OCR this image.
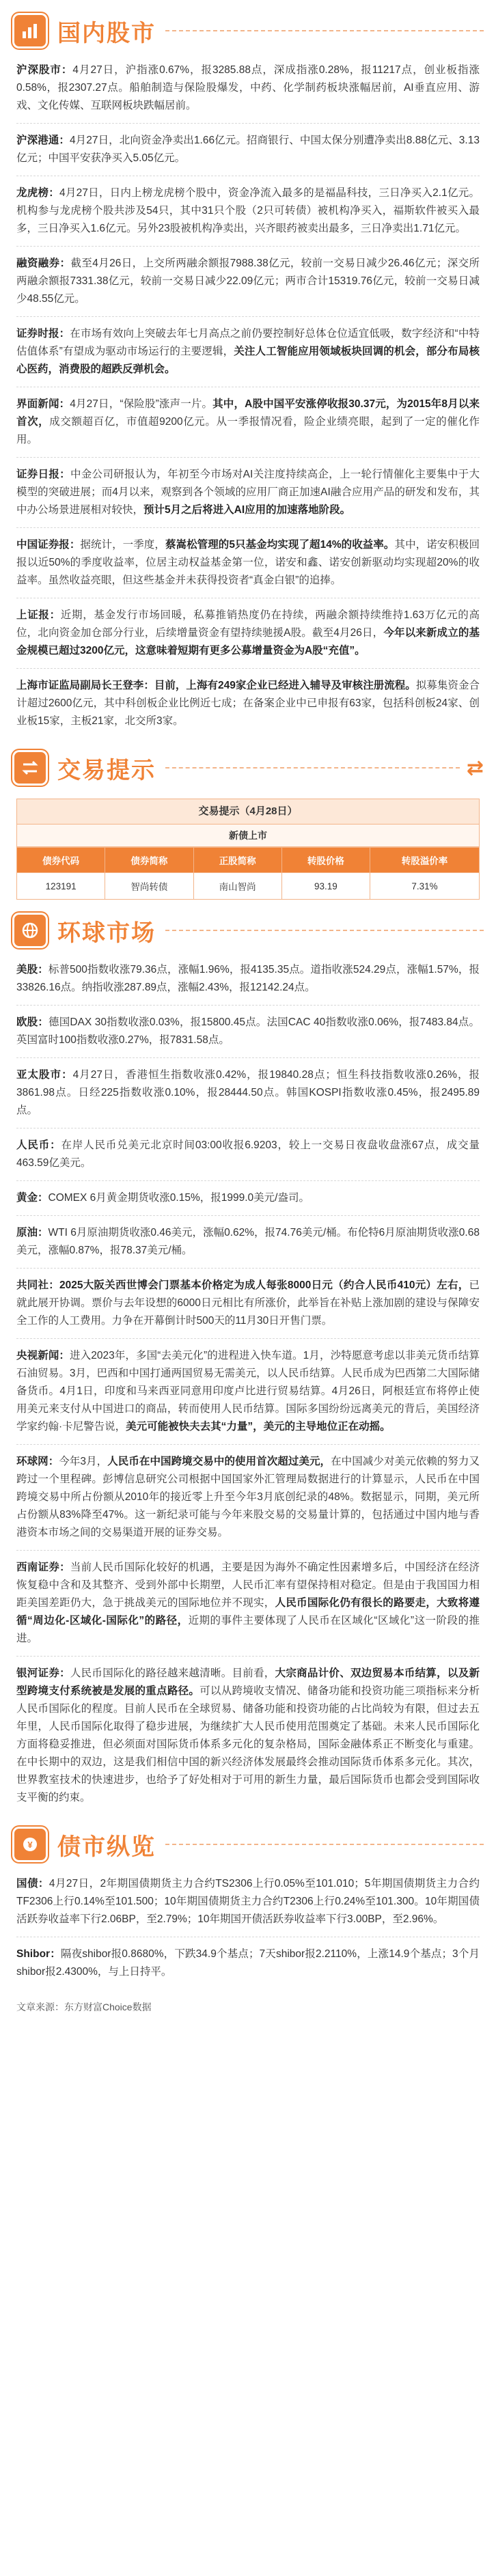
国内股市

沪深股市：4月27日，沪指涨0.67%，报3285.88点，深成指涨0.28%，报11217点，创业板指涨0.58%，报2307.27点。船舶制造与保险股爆发，中药、化学制药板块涨幅居前，AI垂直应用、游戏、文化传媒、互联网板块跌幅居前。

沪深港通：4月27日，北向资金净卖出1.66亿元。招商银行、中国太保分别遭净卖出8.88亿元、3.13亿元；中国平安获净买入5.05亿元。

龙虎榜：4月27日，日内上榜龙虎榜个股中，资金净流入最多的是福晶科技，三日净买入2.1亿元。机构参与龙虎榜个股共涉及54只，其中31只个股（2只可转债）被机构净买入，福斯软件被买入最多，三日净买入1.6亿元。另外23股被机构净卖出，兴齐眼药被卖出最多，三日净卖出1.71亿元。

融资融券：截至4月26日，上交所两融余额报7988.38亿元，较前一交易日减少26.46亿元；深交所两融余额报7331.38亿元，较前一交易日减少22.09亿元；两市合计15319.76亿元，较前一交易日减少48.55亿元。

证券时报：在市场有效向上突破去年七月高点之前仍要控制好总体仓位适宜低吸，数字经济和“中特估值体系”有望成为驱动市场运行的主要逻辑，关注人工智能应用领域板块回调的机会，部分布局核心医药，消费股的超跌反弹机会。

界面新闻：4月27日，“保险股”涨声一片。其中，A股中国平安涨停收报30.37元，为2015年8月以来首次，成交额超百亿，市值超9200亿元。从一季报情况看，险企业绩亮眼，起到了一定的催化作用。

证券日报：中金公司研报认为，年初至今市场对AI关注度持续高企，上一轮行情催化主要集中于大模型的突破进展；而4月以来，观察到各个领域的应用厂商正加速AI融合应用产品的研发和发布，其中办公场景进展相对较快，预计5月之后将进入AI应用的加速落地阶段。

中国证券报：据统计，一季度，蔡嵩松管理的5只基金均实现了超14%的收益率。其中，诺安积极回报以近50%的季度收益率，位居主动权益基金第一位，诺安和鑫、诺安创新驱动均实现超20%的收益率。虽然收益亮眼，但这些基金并未获得投资者“真金白银”的追捧。

上证报：近期，基金发行市场回暖，私募推销热度仍在持续，两融余额持续维持1.63万亿元的高位，北向资金加仓部分行业，后续增量资金有望持续驰援A股。截至4月26日，今年以来新成立的基金规模已超过3200亿元，这意味着短期有更多公募增量资金为A股“充值”。

上海市证监局副局长王登李：目前，上海有249家企业已经进入辅导及审核注册流程。拟募集资金合计超过2600亿元，其中科创板企业比例近七成；在备案企业中已申报有63家，包括科创板24家、创业板15家，主板21家，北交所3家。

交易提示	⇄
交易提示（4月28日）
新债上市
债券代码	债券简称	正股简称	转股价格	转股溢价率
123191	智尚转债	南山智尚	93.19	7.31%
环球市场

美股：标普500指数收涨79.36点，涨幅1.96%，报4135.35点。道指收涨524.29点，涨幅1.57%，报33826.16点。纳指收涨287.89点，涨幅2.43%，报12142.24点。

欧股：德国DAX 30指数收涨0.03%，报15800.45点。法国CAC 40指数收涨0.06%，报7483.84点。英国富时100指数收涨0.27%，报7831.58点。

亚太股市：4月27日，香港恒生指数收涨0.42%，报19840.28点；恒生科技指数收涨0.26%，报3861.98点。日经225指数收涨0.10%，报28444.50点。韩国KOSPI指数收涨0.45%，报2495.89点。

人民币：在岸人民币兑美元北京时间03:00收报6.9203，较上一交易日夜盘收盘涨67点，成交量463.59亿美元。

黄金：COMEX 6月黄金期货收涨0.15%，报1999.0美元/盎司。

原油：WTI 6月原油期货收涨0.46美元，涨幅0.62%，报74.76美元/桶。布伦特6月原油期货收涨0.68美元，涨幅0.87%，报78.37美元/桶。

共同社：2025大阪关西世博会门票基本价格定为成人每张8000日元（约合人民币410元）左右，已就此展开协调。票价与去年设想的6000日元相比有所涨价，此举旨在补贴上涨加剧的建设与保障安全工作的人工费用。力争在开幕倒计时500天的11月30日开售门票。

央视新闻：进入2023年，多国“去美元化”的进程进入快车道。1月，沙特愿意考虑以非美元货币结算石油贸易。3月，巴西和中国打通两国贸易无需美元，以人民币结算。人民币成为巴西第二大国际储备货币。4月1日，印度和马来西亚同意用印度卢比进行贸易结算。4月26日，阿根廷宣布将停止使用美元来支付从中国进口的商品，转而使用人民币结算。国际多国纷纷远离美元的背后，美国经济学家约翰·卡尼警告说，美元可能被快夫去其“力量”，美元的主导地位正在动摇。

环球网：今年3月，人民币在中国跨境交易中的使用首次超过美元，在中国减少对美元依赖的努力又跨过一个里程碑。彭博信息研究公司根据中国国家外汇管理局数据进行的计算显示，人民币在中国跨境交易中所占份额从2010年的接近零上升至今年3月底创纪录的48%。数据显示，同期，美元所占份额从83%降至47%。这一新纪录可能与今年来股交易的交易量计算的，包括通过中国内地与香港资本市场之间的交易渠道开展的证券交易。

西南证券：当前人民币国际化较好的机遇，主要是因为海外不确定性因素增多后，中国经济在经济恢复稳中含和及其整齐、受到外部中长期塑，人民币汇率有望保持相对稳定。但是由于我国国力相距美国差距仍大，急于挑战美元的国际地位并不现实，人民币国际化仍有很长的路要走，大致将遵循“周边化-区域化-国际化”的路径，近期的事件主要体现了人民币在区域化“区域化”这一阶段的推进。

银河证券：人民币国际化的路径越来越清晰。目前看，大宗商品计价、双边贸易本币结算，以及新型跨境支付系统被是发展的重点路径。可以从跨境收支情况、储备功能和投资功能三项指标来分析人民币国际化的程度。目前人民币在全球贸易、储备功能和投资功能的占比尚较为有限，但过去五年里，人民币国际化取得了稳步进展，为继续扩大人民币使用范围奠定了基础。未来人民币国际化方面将稳妥推进，但必须面对国际货币体系多元化的复杂格局，国际金融体系正不断变化与重建。在中长期中的双边，这是我们相信中国的新兴经济体发展最终会推动国际货币体系多元化。其次，世界教室技术的快速进步，也给予了好处相对于可用的新生力量，最后国际货币也都会受到国际收支平衡的约束。

¥ 债市纵览

国债：4月27日，2年期国债期货主力合约TS2306上行0.05%至101.010；5年期国债期货主力合约TF2306上行0.14%至101.500；10年期国债期货主力合约T2306上行0.24%至101.300。10年期国债活跃券收益率下行2.06BP，至2.79%；10年期国开债活跃券收益率下行3.00BP，至2.96%。

Shibor：隔夜shibor报0.8680%，下跌34.9个基点；7天shibor报2.2110%，上涨14.9个基点；3个月shibor报2.4300%，与上日持平。

文章来源：东方财富Choice数据
